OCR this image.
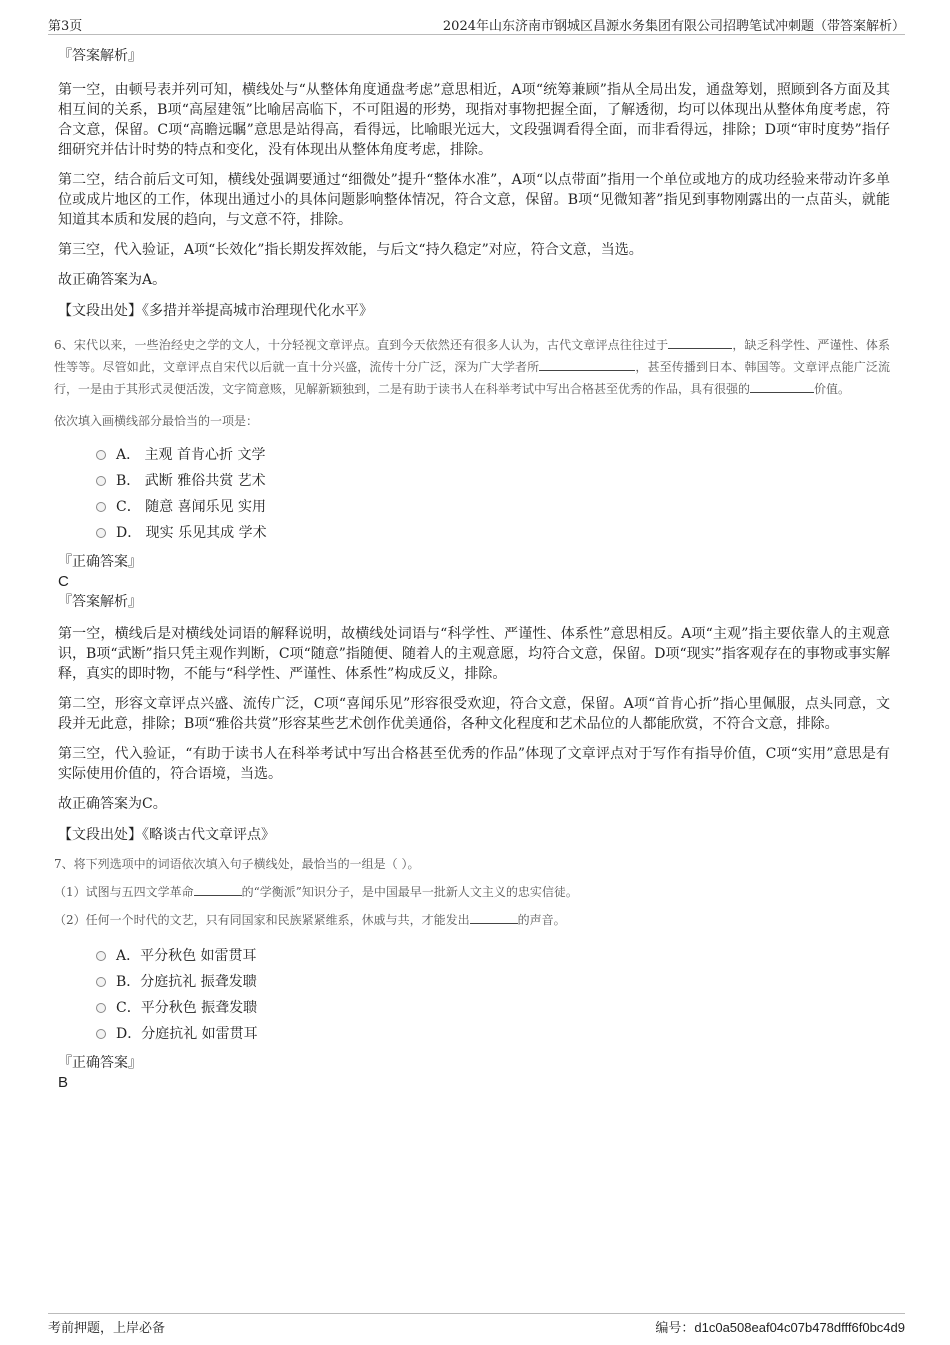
第3页	2024年山东济南市钢城区昌源水务集团有限公司招聘笔试冲刺题（带答案解析）

『答案解析』

第一空，由顿号表并列可知，横线处与“从整体角度通盘考虑”意思相近，A项“统筹兼顾”指从全局出发，通盘筹划，照顾到各方面及其相互间的关系，B项“高屋建瓴”比喻居高临下，不可阻遏的形势，现指对事物把握全面，了解透彻，均可以体现出从整体角度考虑，符合文意，保留。C项“高瞻远瞩”意思是站得高，看得远，比喻眼光远大，文段强调看得全面，而非看得远，排除；D项“审时度势”指仔细研究并估计时势的特点和变化，没有体现出从整体角度考虑，排除。

第二空，结合前后文可知，横线处强调要通过“细微处”提升“整体水准”，A项“以点带面”指用一个单位或地方的成功经验来带动许多单位或成片地区的工作，体现出通过小的具体问题影响整体情况，符合文意，保留。B项“见微知著”指见到事物刚露出的一点苗头，就能知道其本质和发展的趋向，与文意不符，排除。

第三空，代入验证，A项“长效化”指长期发挥效能，与后文“持久稳定”对应，符合文意，当选。

故正确答案为A。

【文段出处】《多措并举提高城市治理现代化水平》

6、宋代以来，一些治经史之学的文人，十分轻视文章评点。直到今天依然还有很多人认为，古代文章评点往往过于	，缺乏科学性、严谨性、体系性等等。尽管如此，文章评点自宋代以后就一直十分兴盛，流传十分广泛，深为广大学者所	，甚至传播到日本、韩国等。文章评点能广泛流行，一是由于其形式灵便活泼，文字简意赅，见解新颖独到，二是有助于读书人在科举考试中写出合格甚至优秀的作品，具有很强的	价值。

依次填入画横线部分最恰当的一项是：

A． 主观 首肯心折 文学
B． 武断 雅俗共赏 艺术
C． 随意 喜闻乐见 实用
D． 现实 乐见其成 学术

『正确答案』

C

『答案解析』

第一空，横线后是对横线处词语的解释说明，故横线处词语与“科学性、严谨性、体系性”意思相反。A项“主观”指主要依靠人的主观意识，B项“武断”指只凭主观作判断，C项“随意”指随便、随着人的主观意愿，均符合文意，保留。D项“现实”指客观存在的事物或事实解释，真实的即时物，不能与“科学性、严谨性、体系性”构成反义，排除。

第二空，形容文章评点兴盛、流传广泛，C项“喜闻乐见”形容很受欢迎，符合文意，保留。A项“首肯心折”指心里佩服，点头同意，文段并无此意，排除；B项“雅俗共赏”形容某些艺术创作优美通俗，各种文化程度和艺术品位的人都能欣赏，不符合文意，排除。

第三空，代入验证，“有助于读书人在科举考试中写出合格甚至优秀的作品”体现了文章评点对于写作有指导价值，C项“实用”意思是有实际使用价值的，符合语境，当选。

故正确答案为C。

【文段出处】《略谈古代文章评点》

7、将下列选项中的词语依次填入句子横线处，最恰当的一组是（ ）。

（1）试图与五四文学革命	的“学衡派”知识分子，是中国最早一批新人文主义的忠实信徒。

（2）任何一个时代的文艺，只有同国家和民族紧紧维系，休戚与共，才能发出	的声音。

A．平分秋色 如雷贯耳
B．分庭抗礼 振聋发聩
C．平分秋色 振聋发聩
D．分庭抗礼 如雷贯耳

『正确答案』

B

考前押题，上岸必备	编号：d1c0a508eaf04c07b478dfff6f0bc4d9
